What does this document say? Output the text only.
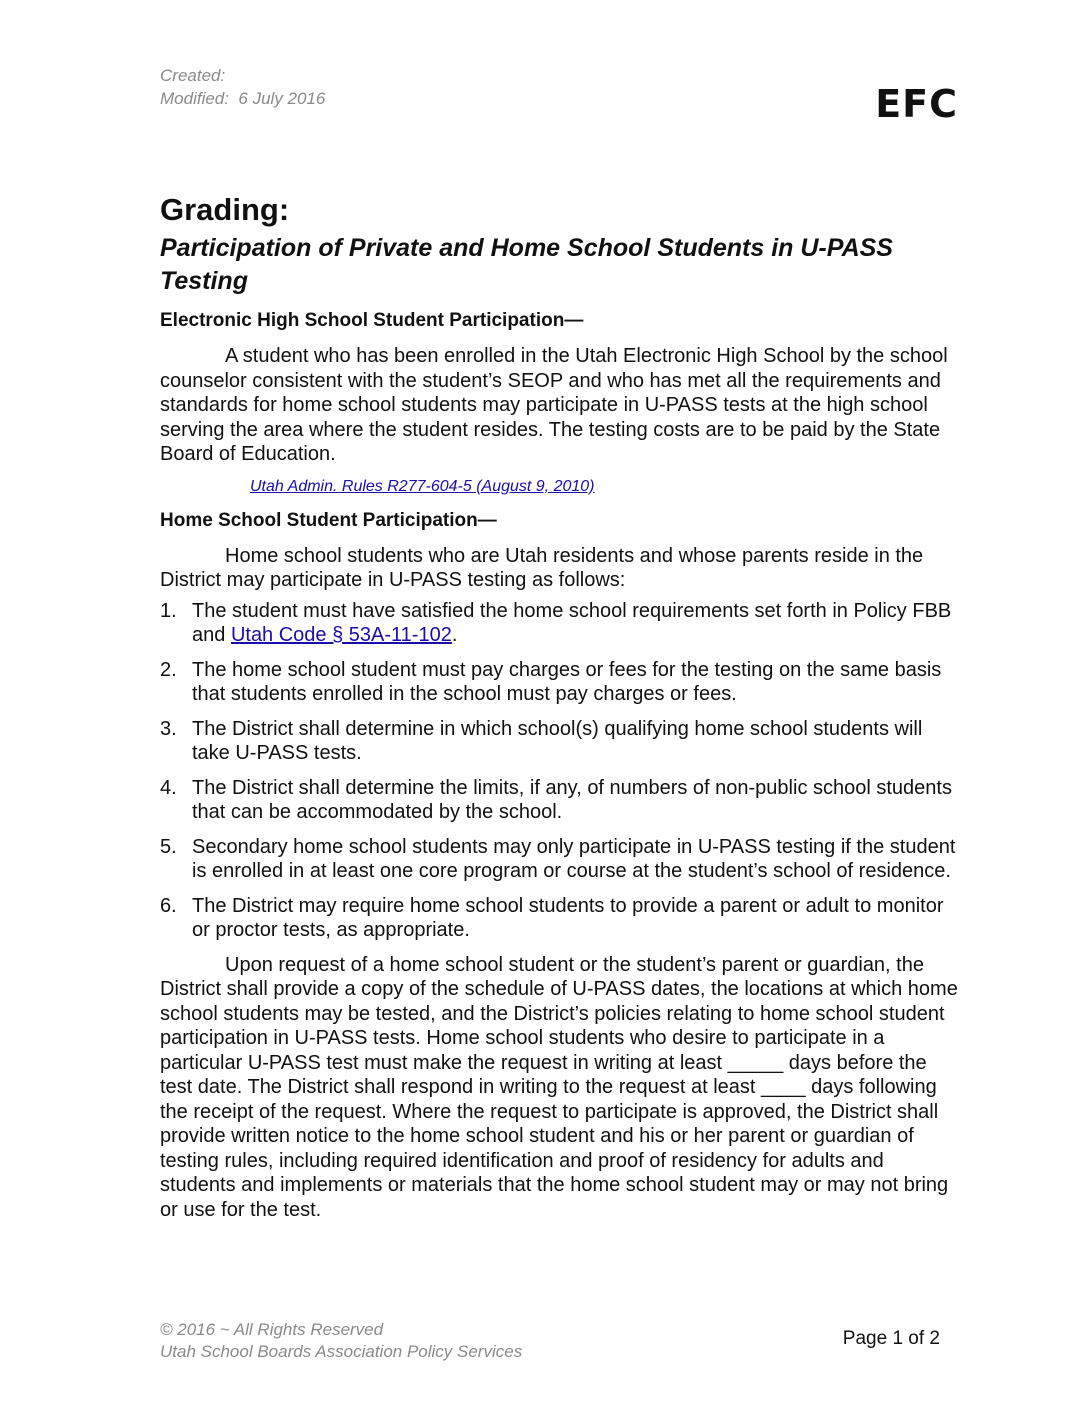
Created:
Modified:  6 July 2016	EFC
Grading:
Participation of Private and Home School Students in U-PASS Testing
Electronic High School Student Participation—

A student who has been enrolled in the Utah Electronic High School by the school counselor consistent with the student’s SEOP and who has met all the requirements and standards for home school students may participate in U-PASS tests at the high school serving the area where the student resides. The testing costs are to be paid by the State Board of Education.

Utah Admin. Rules R277-604-5 (August 9, 2010)
Home School Student Participation—

Home school students who are Utah residents and whose parents reside in the District may participate in U-PASS testing as follows:

1. The student must have satisfied the home school requirements set forth in Policy FBB and Utah Code § 53A-11-102.
2. The home school student must pay charges or fees for the testing on the same basis that students enrolled in the school must pay charges or fees.
3. The District shall determine in which school(s) qualifying home school students will take U-PASS tests.
4. The District shall determine the limits, if any, of numbers of non-public school students that can be accommodated by the school.
5. Secondary home school students may only participate in U-PASS testing if the student is enrolled in at least one core program or course at the student’s school of residence.
6. The District may require home school students to provide a parent or adult to monitor or proctor tests, as appropriate.

Upon request of a home school student or the student’s parent or guardian, the District shall provide a copy of the schedule of U-PASS dates, the locations at which home school students may be tested, and the District’s policies relating to home school student participation in U-PASS tests. Home school students who desire to participate in a particular U-PASS test must make the request in writing at least _____ days before the test date. The District shall respond in writing to the request at least ____ days following the receipt of the request. Where the request to participate is approved, the District shall provide written notice to the home school student and his or her parent or guardian of testing rules, including required identification and proof of residency for adults and students and implements or materials that the home school student may or may not bring or use for the test.

© 2016 ~ All Rights Reserved
Utah School Boards Association Policy Services
Page 1 of 2
